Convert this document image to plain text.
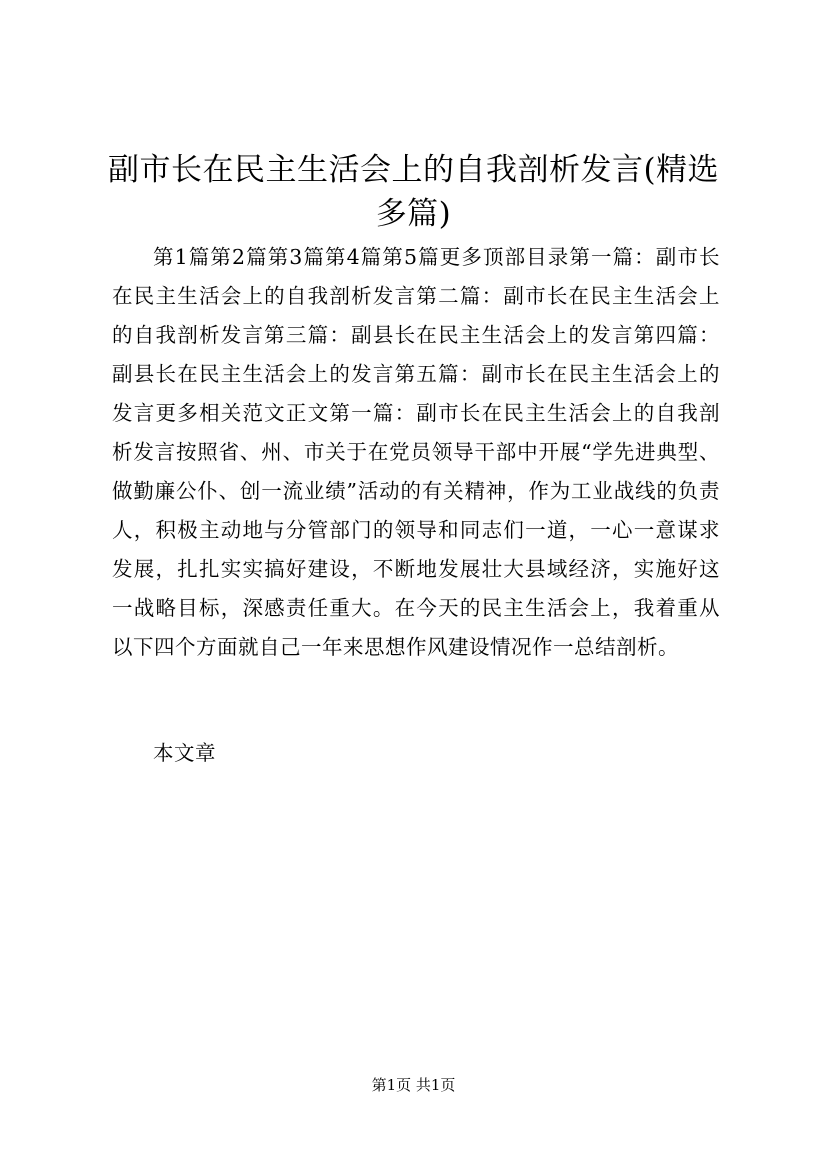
副市长在民主生活会上的自我剖析发言(精选多篇)

第1篇第2篇第3篇第4篇第5篇更多顶部目录第一篇：副市长在民主生活会上的自我剖析发言第二篇：副市长在民主生活会上的自我剖析发言第三篇：副县长在民主生活会上的发言第四篇：副县长在民主生活会上的发言第五篇：副市长在民主生活会上的发言更多相关范文正文第一篇：副市长在民主生活会上的自我剖析发言按照省、州、市关于在党员领导干部中开展“学先进典型、做勤廉公仆、创一流业绩”活动的有关精神，作为工业战线的负责人，积极主动地与分管部门的领导和同志们一道，一心一意谋求发展，扎扎实实搞好建设，不断地发展壮大县域经济，实施好这一战略目标，深感责任重大。在今天的民主生活会上，我着重从以下四个方面就自己一年来思想作风建设情况作一总结剖析。

本文章

第1页 共1页
